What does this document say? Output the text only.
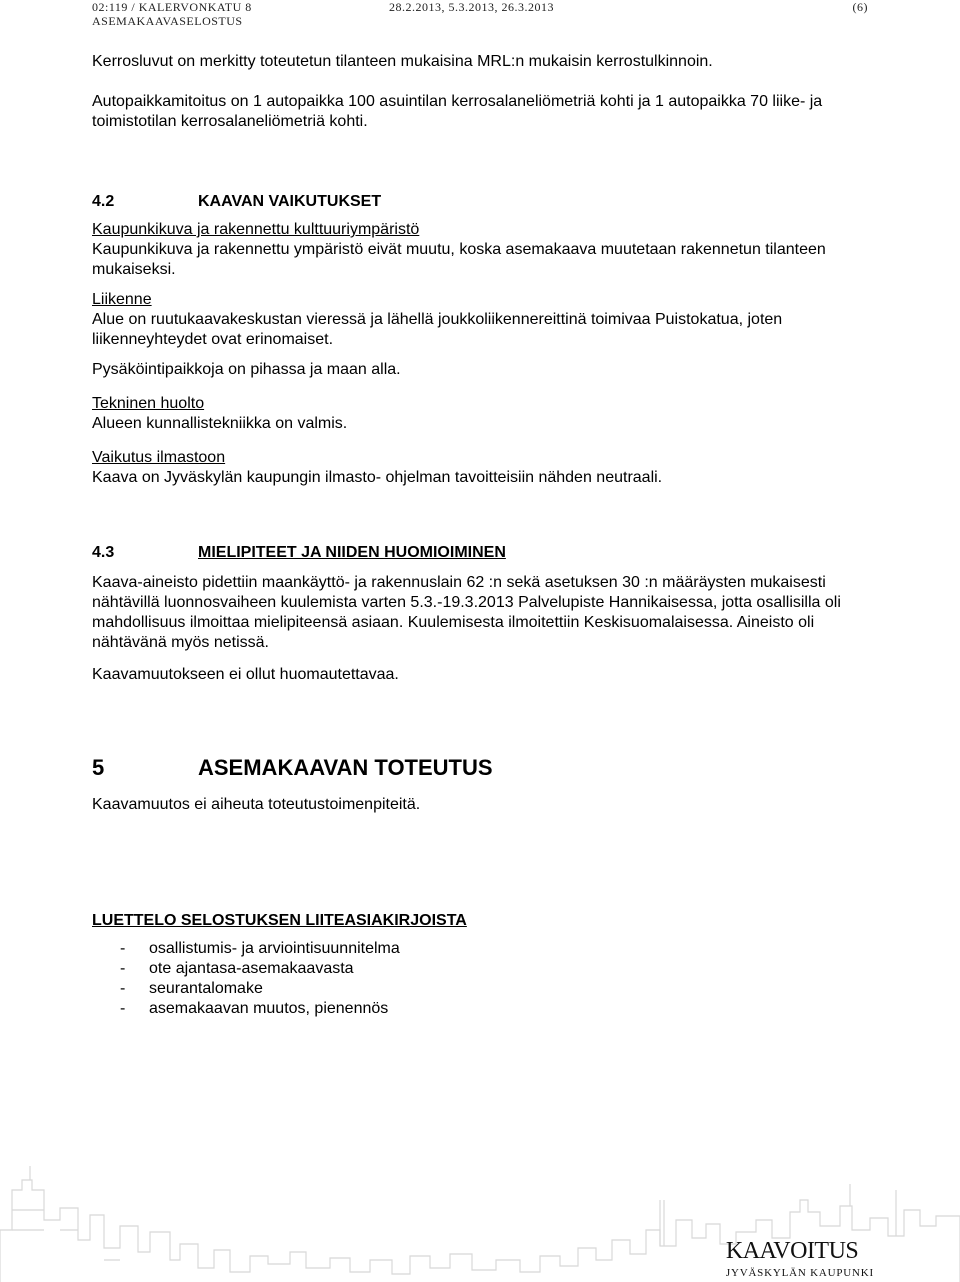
02:119 / KALERVONKATU 8
ASEMAKAAVASELOSTUS
28.2.2013, 5.3.2013, 26.3.2013	(6)

Kerrosluvut on merkitty toteutetun tilanteen mukaisina MRL:n mukaisin kerrostulkinnoin.

Autopaikkamitoitus on 1 autopaikka 100 asuintilan kerrosalaneliömetriä kohti ja 1 autopaikka 70 liike- ja toimistotilan kerrosalaneliömetriä kohti.

4.2	KAAVAN VAIKUTUKSET

Kaupunkikuva ja rakennettu kulttuuriympäristö

Kaupunkikuva ja rakennettu ympäristö eivät muutu, koska asemakaava muutetaan rakennetun tilanteen mukaiseksi.

Liikenne

Alue on ruutukaavakeskustan vieressä ja lähellä joukkoliikennereittinä toimivaa Puistokatua, joten liikenneyhteydet ovat erinomaiset.

Pysäköintipaikkoja on pihassa ja maan alla.

Tekninen huolto

Alueen kunnallistekniikka on valmis.

Vaikutus ilmastoon

Kaava on Jyväskylän kaupungin ilmasto- ohjelman tavoitteisiin nähden neutraali.

4.3	MIELIPITEET JA NIIDEN HUOMIOIMINEN

Kaava-aineisto pidettiin maankäyttö- ja rakennuslain 62 :n sekä asetuksen 30 :n määräysten mukaisesti nähtävillä luonnosvaiheen kuulemista varten 5.3.-19.3.2013 Palvelupiste Hannikaisessa, jotta osallisilla oli mahdollisuus ilmoittaa mielipiteensä asiaan. Kuulemisesta ilmoitettiin Keskisuomalaisessa. Aineisto oli nähtävänä myös netissä.

Kaavamuutokseen ei ollut huomautettavaa.

5	ASEMAKAAVAN TOTEUTUS

Kaavamuutos ei aiheuta toteutustoimenpiteitä.

LUETTELO SELOSTUKSEN LIITEASIAKIRJOISTA

- osallistumis- ja arviointisuunnitelma
- ote ajantasa-asemakaavasta
- seurantalomake
- asemakaavan muutos, pienennös
KAAVOITUS
JYVÄSKYLÄN KAUPUNKI
